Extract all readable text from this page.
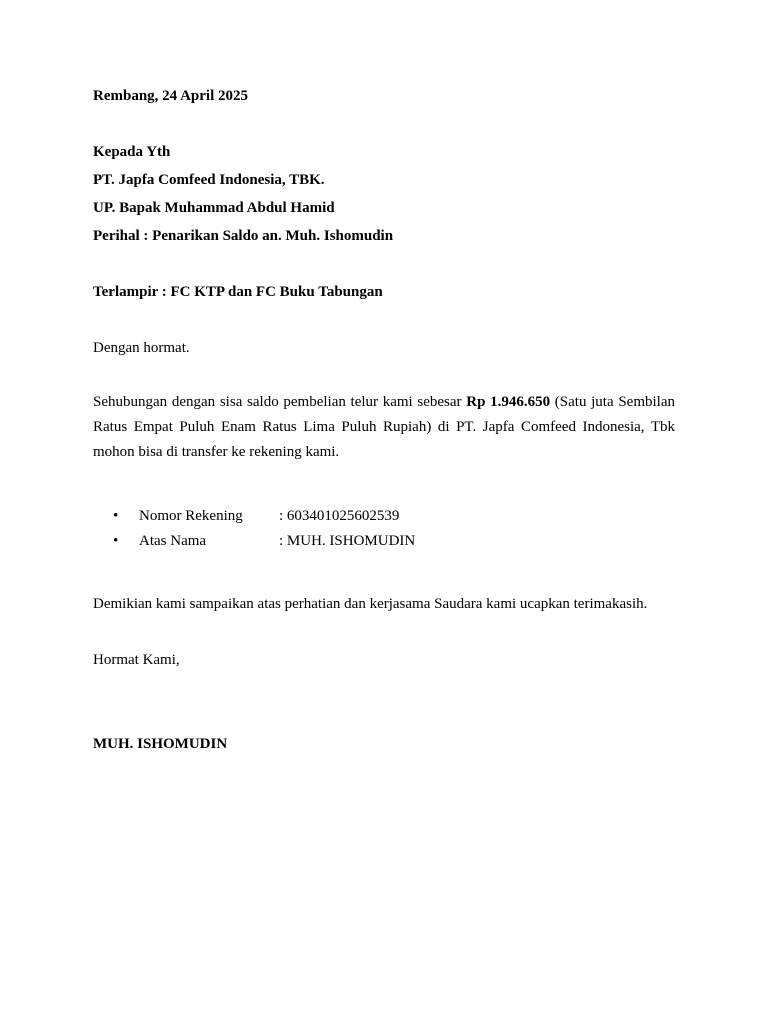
Rembang, 24 April 2025
Kepada Yth
PT. Japfa Comfeed Indonesia, TBK.
UP. Bapak Muhammad Abdul Hamid
Perihal : Penarikan Saldo an. Muh. Ishomudin
Terlampir : FC KTP dan FC Buku Tabungan
Dengan hormat.
Sehubungan dengan sisa saldo pembelian telur kami sebesar Rp 1.946.650 (Satu juta Sembilan Ratus Empat Puluh Enam Ratus Lima Puluh Rupiah) di PT. Japfa Comfeed Indonesia, Tbk mohon bisa di transfer ke rekening kami.
• Nomor Rekening : 603401025602539
• Atas Nama	: MUH. ISHOMUDIN
Demikian kami sampaikan atas perhatian dan kerjasama Saudara kami ucapkan terimakasih.
Hormat Kami,
MUH. ISHOMUDIN
